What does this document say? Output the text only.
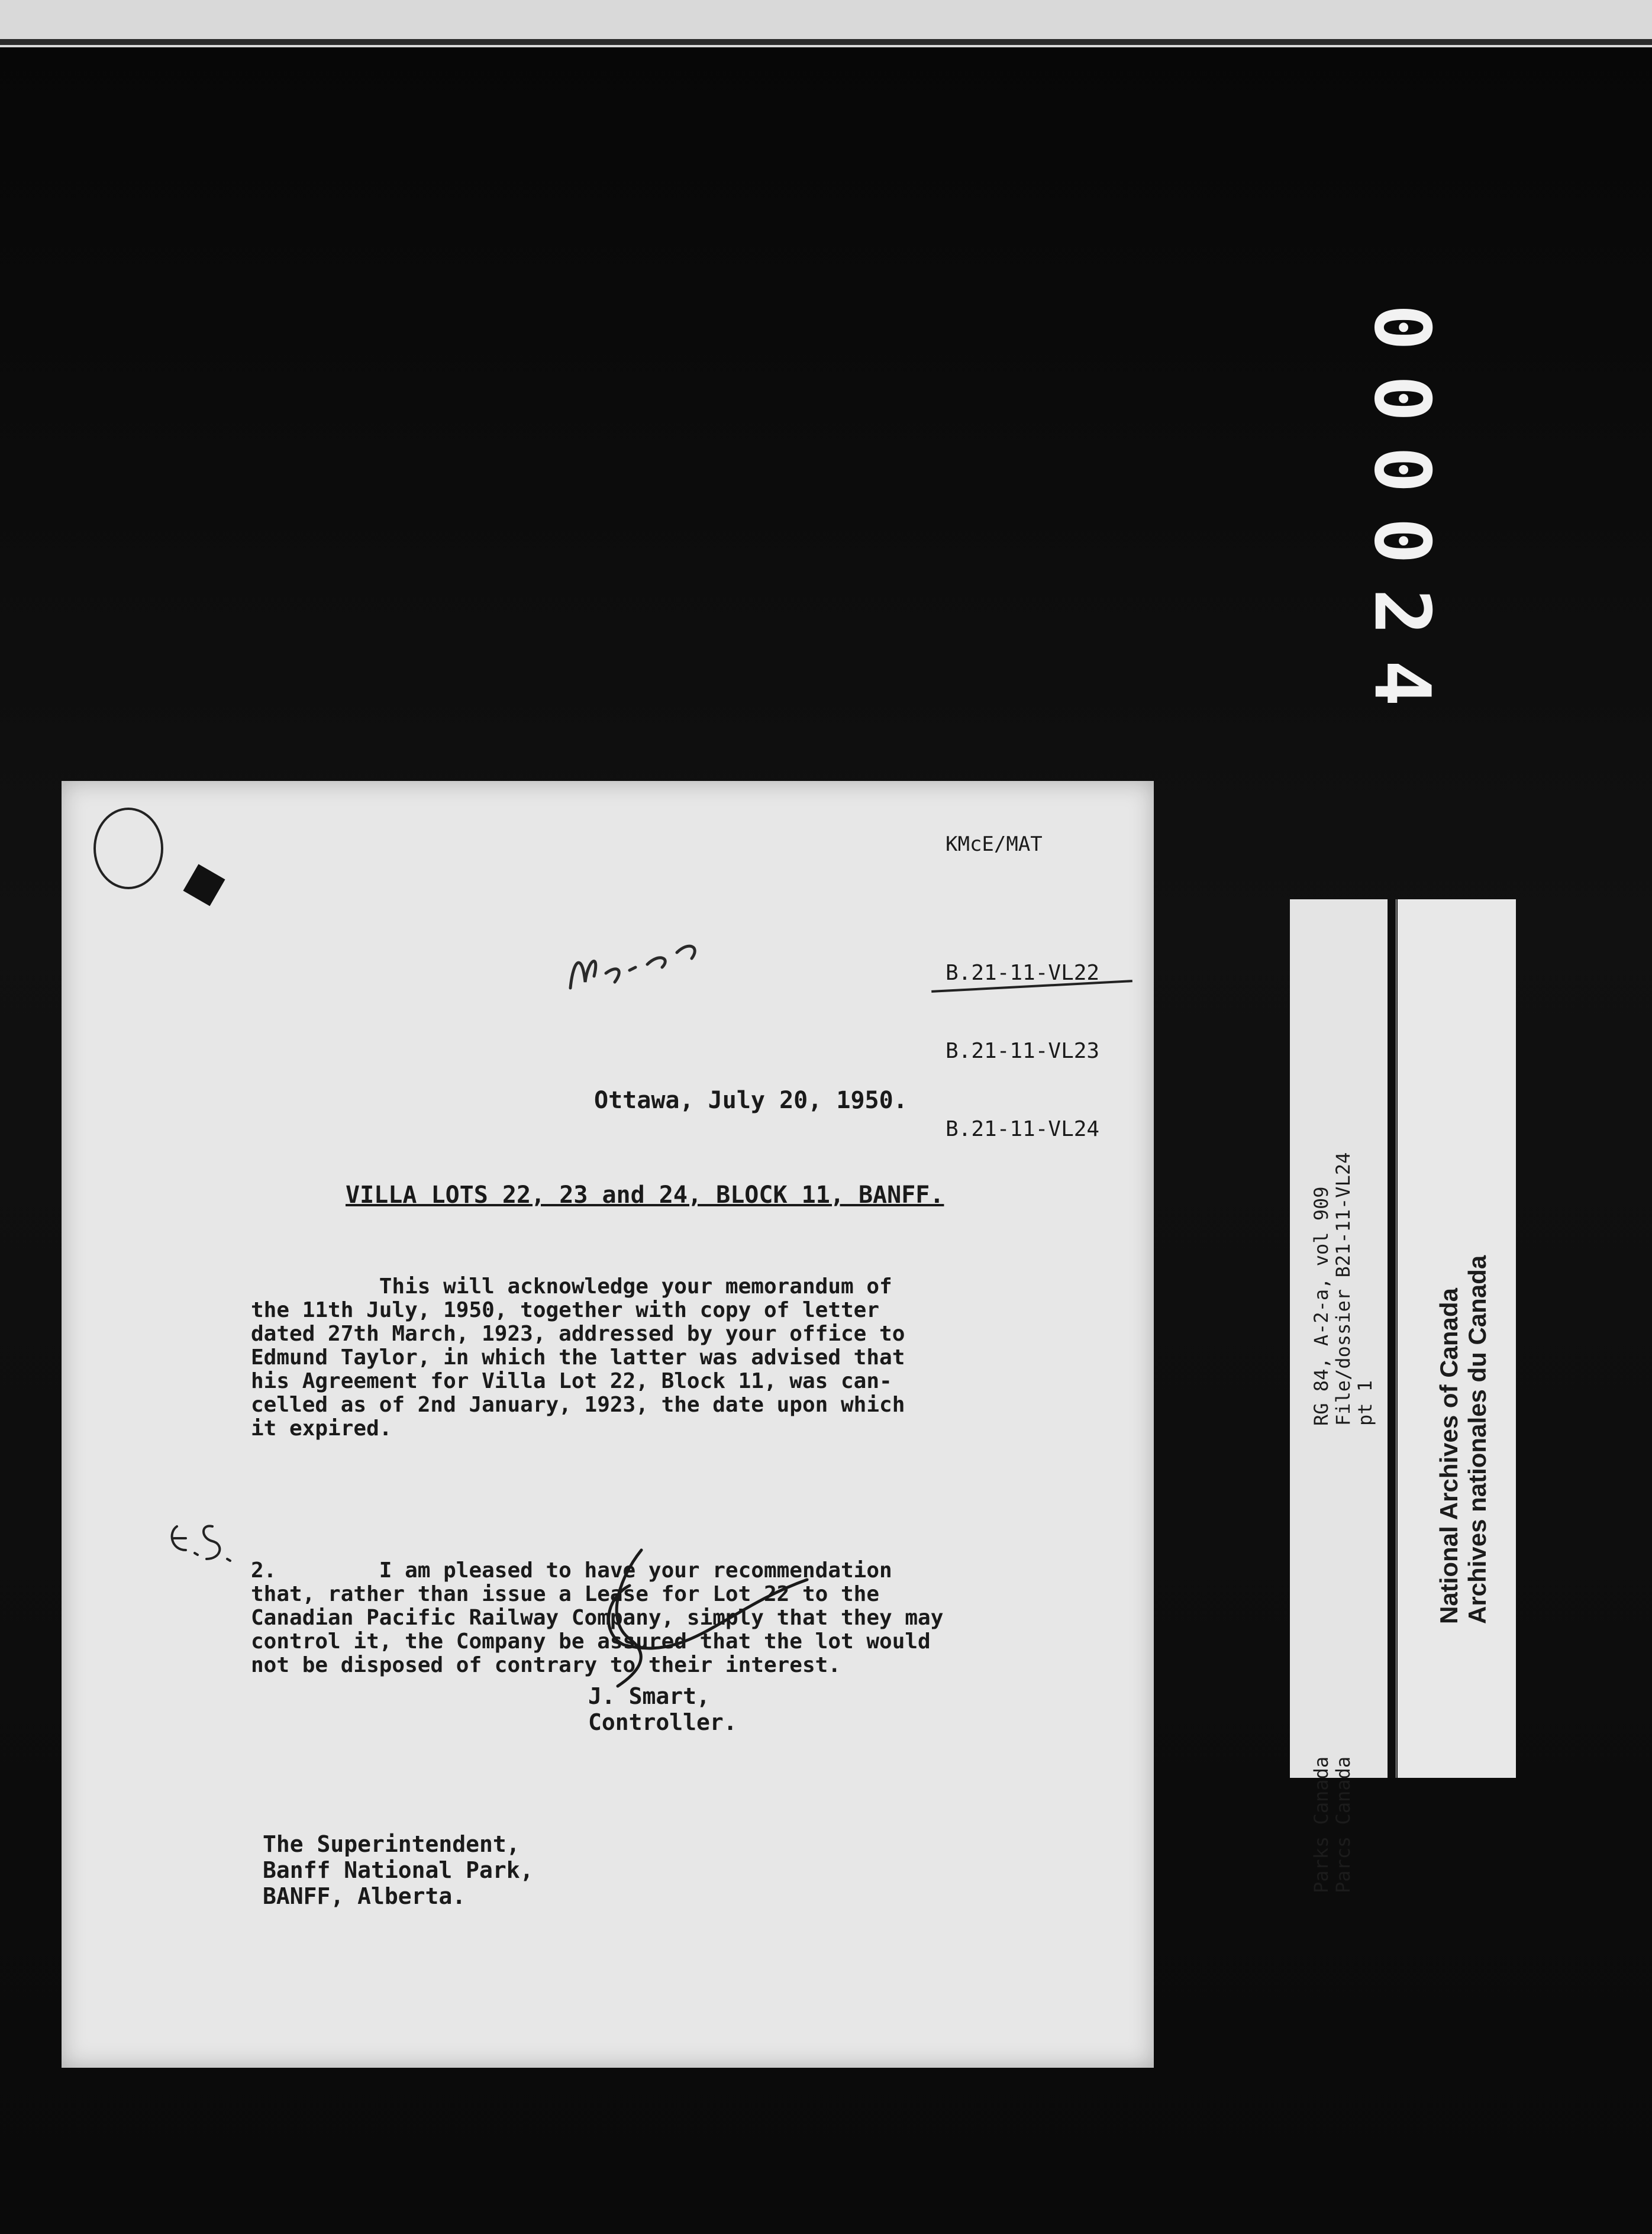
000024
KMcE/MAT

B.21-11-VL22

B.21-11-VL23

B.21-11-VL24

Ottawa, July 20, 1950.
VILLA LOTS 22, 23 and 24, BLOCK 11, BANFF.

This will acknowledge your memorandum of
the 11th July, 1950, together with copy of letter
dated 27th March, 1923, addressed by your office to
Edmund Taylor, in which the latter was advised that
his Agreement for Villa Lot 22, Block 11, was can-
celled as of 2nd January, 1923, the date upon which
it expired.

2.        I am pleased to have your recommendation
that, rather than issue a Lease for Lot 22 to the
Canadian Pacific Railway Company, simply that they may
control it, the Company be assured that the lot would
not be disposed of contrary to their interest.

J. Smart,
Controller.
The Superintendent,
Banff National Park,
BANFF, Alberta.
RG 84, A-2-a, vol 909
File/dossier B21-11-VL24
pt 1
Parks Canada
Parcs Canada
National Archives of Canada
Archives nationales du Canada
